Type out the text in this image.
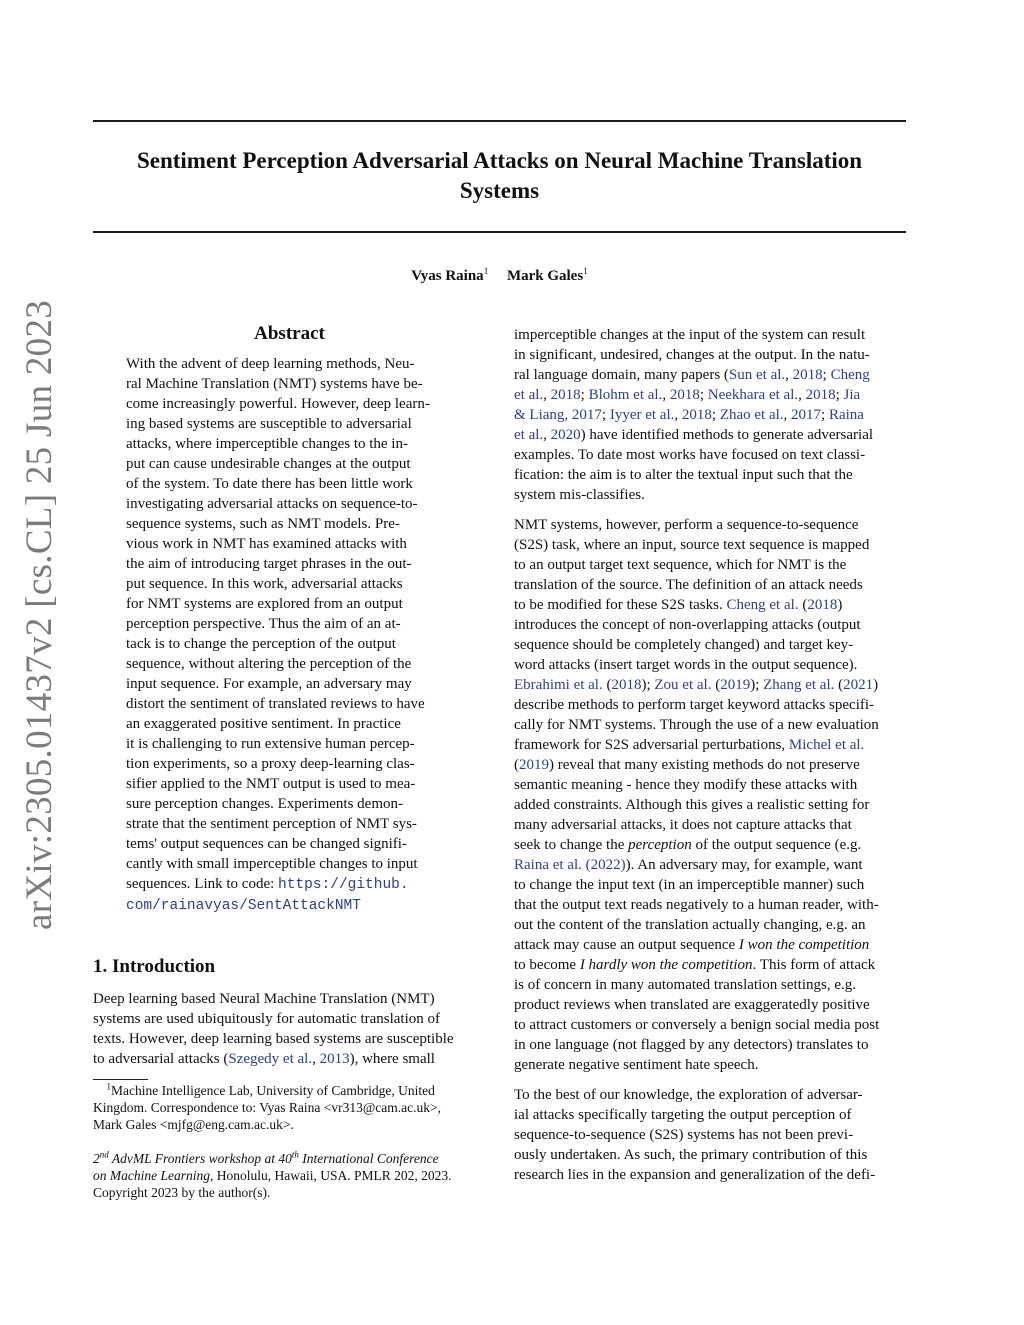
Sentiment Perception Adversarial Attacks on Neural Machine Translation
Systems
Vyas Raina$^1$ Mark Gales$^1$
arXiv:2305.01437v2 [cs.CL] 25 Jun 2023	Abstract
With the advent of deep learning methods, Neu-
ral Machine Translation (NMT) systems have be-
come increasingly powerful. However, deep learn-
ing based systems are susceptible to adversarial
attacks, where imperceptible changes to the in-
put can cause undesirable changes at the output
of the system. To date there has been little work
investigating adversarial attacks on sequence-to-
sequence systems, such as NMT models. Pre-
vious work in NMT has examined attacks with
the aim of introducing target phrases in the out-
put sequence. In this work, adversarial attacks
for NMT systems are explored from an output
perception perspective. Thus the aim of an at-
tack is to change the perception of the output
sequence, without altering the perception of the
input sequence. For example, an adversary may
distort the sentiment of translated reviews to have
an exaggerated positive sentiment. In practice
it is challenging to run extensive human percep-
tion experiments, so a proxy deep-learning clas-
sifier applied to the NMT output is used to mea-
sure perception changes. Experiments demon-
strate that the sentiment perception of NMT sys-
tems' output sequences can be changed signifi-
cantly with small imperceptible changes to input
sequences. Link to code: https://github.
com/rainavyas/SentAttackNMT
1. Introduction
Deep learning based Neural Machine Translation (NMT)
systems are used ubiquitously for automatic translation of
texts. However, deep learning based systems are susceptible
to adversarial attacks (Szegedy et al., 2013), where small
$^1$Machine Intelligence Lab, University of Cambridge, United
Kingdom. Correspondence to: Vyas Raina <vr313@cam.ac.uk>,
Mark Gales <mjfg@eng.cam.ac.uk>.
2nd AdvML Frontiers workshop at 40th International Conference
on Machine Learning, Honolulu, Hawaii, USA. PMLR 202, 2023.
Copyright 2023 by the author(s).
imperceptible changes at the input of the system can result
in significant, undesired, changes at the output. In the natu-
ral language domain, many papers (Sun et al., 2018; Cheng
et al., 2018; Blohm et al., 2018; Neekhara et al., 2018; Jia
& Liang, 2017; Iyyer et al., 2018; Zhao et al., 2017; Raina
et al., 2020) have identified methods to generate adversarial
examples. To date most works have focused on text classi-
fication: the aim is to alter the textual input such that the
system mis-classifies.
NMT systems, however, perform a sequence-to-sequence
(S2S) task, where an input, source text sequence is mapped
to an output target text sequence, which for NMT is the
translation of the source. The definition of an attack needs
to be modified for these S2S tasks. Cheng et al. (2018)
introduces the concept of non-overlapping attacks (output
sequence should be completely changed) and target key-
word attacks (insert target words in the output sequence).
Ebrahimi et al. (2018); Zou et al. (2019); Zhang et al. (2021)
describe methods to perform target keyword attacks specifi-
cally for NMT systems. Through the use of a new evaluation
framework for S2S adversarial perturbations, Michel et al.
(2019) reveal that many existing methods do not preserve
semantic meaning - hence they modify these attacks with
added constraints. Although this gives a realistic setting for
many adversarial attacks, it does not capture attacks that
seek to change the perception of the output sequence (e.g.
Raina et al. (2022)). An adversary may, for example, want
to change the input text (in an imperceptible manner) such
that the output text reads negatively to a human reader, with-
out the content of the translation actually changing, e.g. an
attack may cause an output sequence I won the competition
to become I hardly won the competition. This form of attack
is of concern in many automated translation settings, e.g.
product reviews when translated are exaggeratedly positive
to attract customers or conversely a benign social media post
in one language (not flagged by any detectors) translates to
generate negative sentiment hate speech.
To the best of our knowledge, the exploration of adversar-
ial attacks specifically targeting the output perception of
sequence-to-sequence (S2S) systems has not been previ-
ously undertaken. As such, the primary contribution of this
research lies in the expansion and generalization of the defi-
